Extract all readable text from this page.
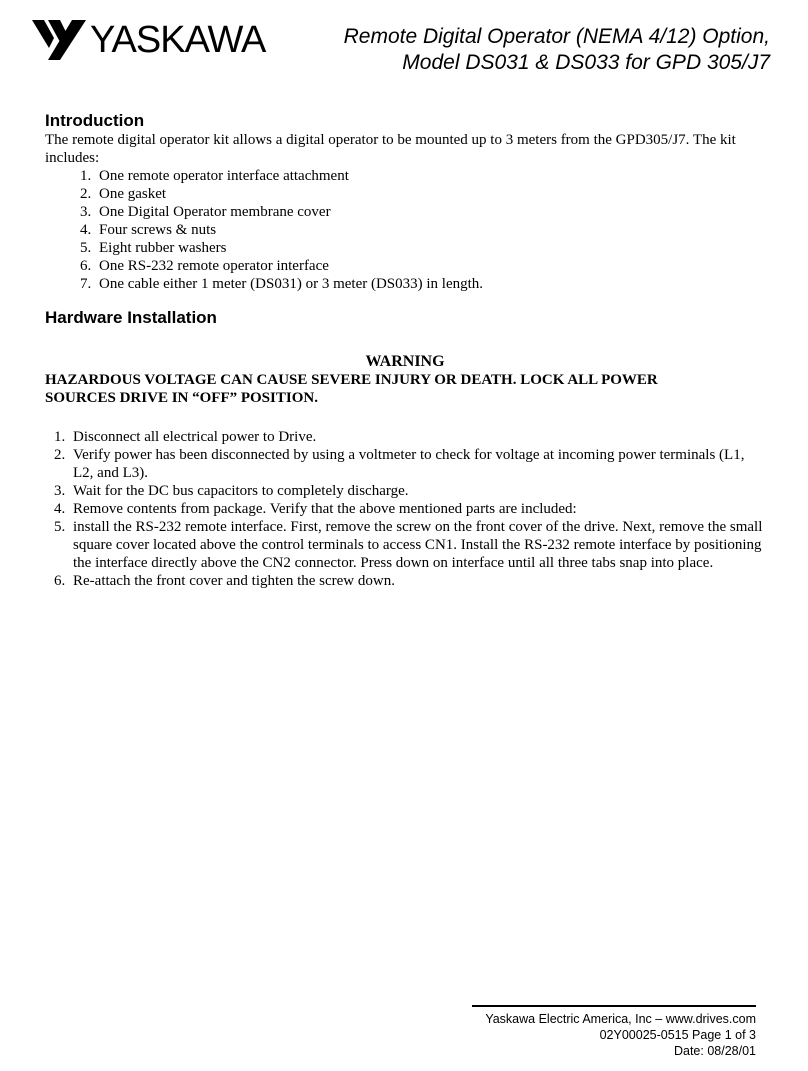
YASKAWA	Remote Digital Operator (NEMA 4/12) Option,
Model DS031 & DS033 for GPD 305/J7
Introduction

The remote digital operator kit allows a digital operator to be mounted up to 3 meters from the GPD305/J7. The kit includes:

1. One remote operator interface attachment
2. One gasket
3. One Digital Operator membrane cover
4. Four screws & nuts
5. Eight rubber washers
6. One RS-232 remote operator interface
7. One cable either 1 meter (DS031) or 3 meter (DS033) in length.
Hardware Installation
WARNING
HAZARDOUS VOLTAGE CAN CAUSE SEVERE INJURY OR DEATH. LOCK ALL POWER SOURCES DRIVE IN “OFF” POSITION.
1. Disconnect all electrical power to Drive.
2. Verify power has been disconnected by using a voltmeter to check for voltage at incoming power terminals (L1, L2, and L3).
3. Wait for the DC bus capacitors to completely discharge.
4. Remove contents from package. Verify that the above mentioned parts are included:
5. install the RS-232 remote interface. First, remove the screw on the front cover of the drive. Next, remove the small square cover located above the control terminals to access CN1. Install the RS-232 remote interface by positioning the interface directly above the CN2 connector. Press down on interface until all three tabs snap into place.
6. Re-attach the front cover and tighten the screw down.
Yaskawa Electric America, Inc – www.drives.com
02Y00025-0515 Page 1 of 3
Date: 08/28/01
